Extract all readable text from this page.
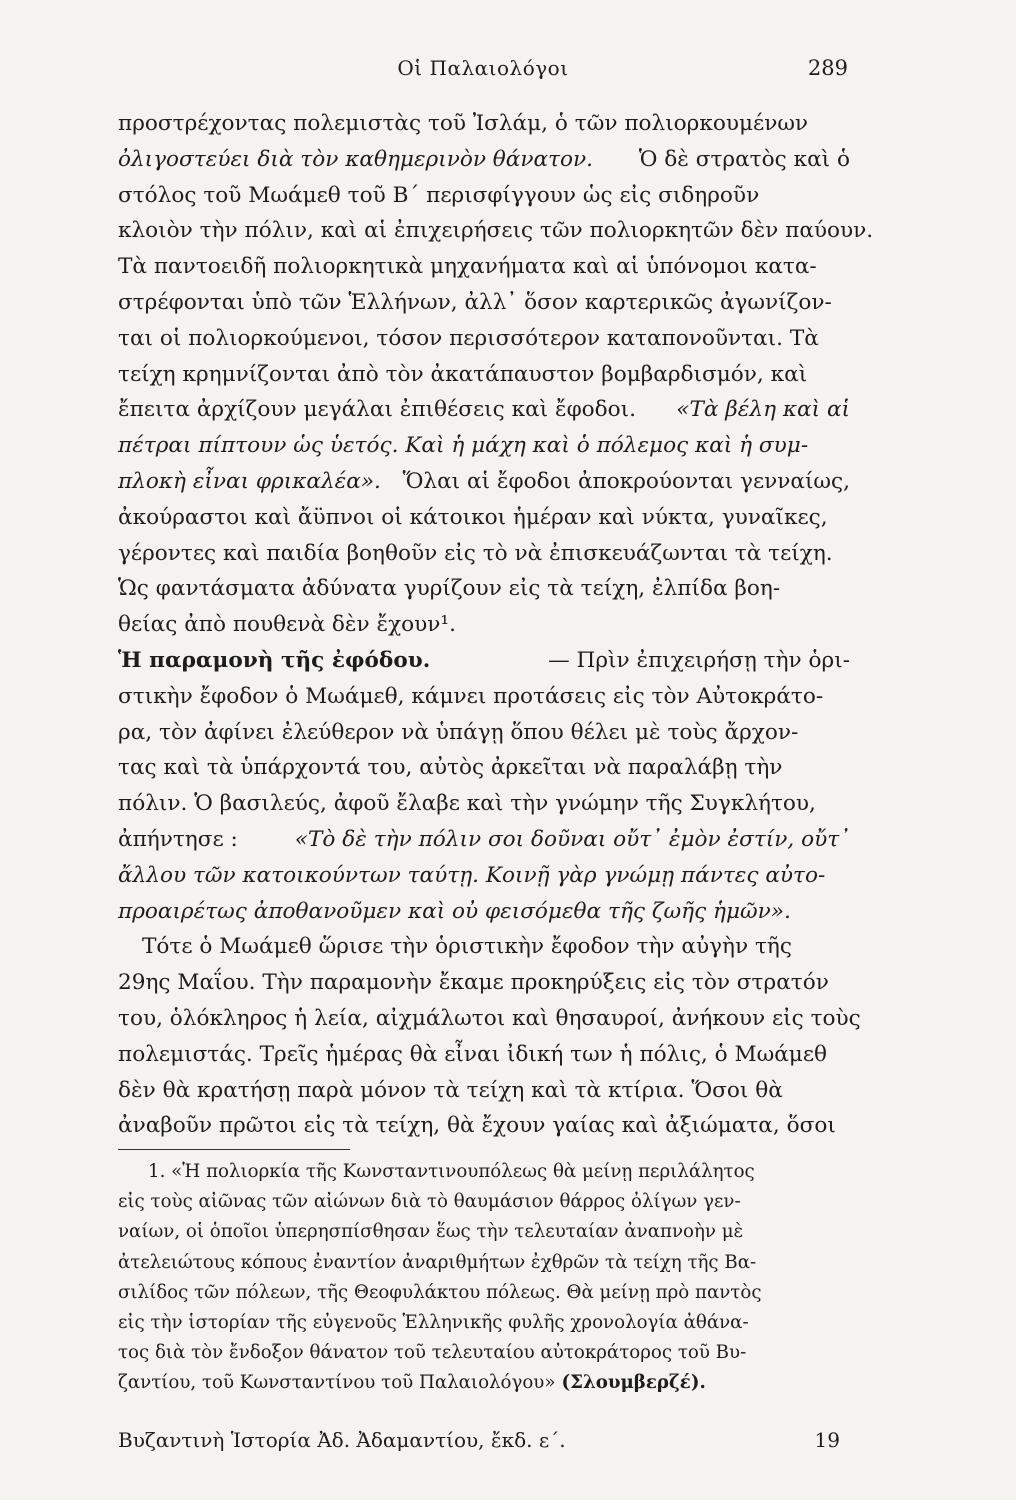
Οἱ Παλαιολόγοι	289
προστρέχοντας πολεμιστὰς τοῦ Ἰσλάμ, ὁ τῶν πολιορκουμένων
ὀλιγοστεύει διὰ τὸν καθημερινὸν θάνατον. Ὁ δὲ στρατὸς καὶ ὁ
στόλος τοῦ Μωάμεθ τοῦ Β΄ περισφίγγουν ὡς εἰς σιδηροῦν
κλοιὸν τὴν πόλιν, καὶ αἱ ἐπιχειρήσεις τῶν πολιορκητῶν δὲν παύουν.
Τὰ παντοειδῆ πολιορκητικὰ μηχανήματα καὶ αἱ ὑπόνομοι κατα-
στρέφονται ὑπὸ τῶν Ἑλλήνων, ἀλλ᾽ ὅσον καρτερικῶς ἀγωνίζον-
ται οἱ πολιορκούμενοι, τόσον περισσότερον καταπονοῦνται. Τὰ
τείχη κρημνίζονται ἀπὸ τὸν ἀκατάπαυστον βομβαρδισμόν, καὶ
ἔπειτα ἀρχίζουν μεγάλαι ἐπιθέσεις καὶ ἔφοδοι. «Τὰ βέλη καὶ αἱ
πέτραι πίπτουν ὡς ὑετός. Καὶ ἡ μάχη καὶ ὁ πόλεμος καὶ ἡ συμ-
πλοκὴ εἶναι φρικαλέα». Ὅλαι αἱ ἔφοδοι ἀποκρούονται γενναίως,
ἀκούραστοι καὶ ἄϋπνοι οἱ κάτοικοι ἡμέραν καὶ νύκτα, γυναῖκες,
γέροντες καὶ παιδία βοηθοῦν εἰς τὸ νὰ ἐπισκευάζωνται τὰ τείχη.
Ὡς φαντάσματα ἀδύνατα γυρίζουν εἰς τὰ τείχη, ἐλπίδα βοη-
θείας ἀπὸ πουθενὰ δὲν ἔχουν¹.
Ἡ παραμονὴ τῆς ἐφόδου.	— Πρὶν ἐπιχειρήσῃ τὴν ὁρι-
στικὴν ἔφοδον ὁ Μωάμεθ, κάμνει προτάσεις εἰς τὸν Αὐτοκράτο-
ρα, τὸν ἀφίνει ἐλεύθερον νὰ ὑπάγῃ ὅπου θέλει μὲ τοὺς ἄρχον-
τας καὶ τὰ ὑπάρχοντά του, αὐτὸς ἀρκεῖται νὰ παραλάβῃ τὴν
πόλιν. Ὁ βασιλεύς, ἀφοῦ ἔλαβε καὶ τὴν γνώμην τῆς Συγκλήτου,
ἀπήντησε :	«Τὸ δὲ τὴν πόλιν σοι δοῦναι οὔτ᾽ ἐμὸν ἐστίν, οὔτ᾽
ἄλλου τῶν κατοικούντων ταύτῃ. Κοινῇ γὰρ γνώμῃ πάντες αὐτο-
προαιρέτως ἀποθανοῦμεν καὶ οὐ φεισόμεθα τῆς ζωῆς ἡμῶν».
Τότε ὁ Μωάμεθ ὥρισε τὴν ὁριστικὴν ἔφοδον τὴν αὐγὴν τῆς
29ης Μαΐου. Τὴν παραμονὴν ἔκαμε προκηρύξεις εἰς τὸν στρατόν
του, ὁλόκληρος ἡ λεία, αἰχμάλωτοι καὶ θησαυροί, ἀνήκουν εἰς τοὺς
πολεμιστάς. Τρεῖς ἡμέρας θὰ εἶναι ἰδική των ἡ πόλις, ὁ Μωάμεθ
δὲν θὰ κρατήσῃ παρὰ μόνον τὰ τείχη καὶ τὰ κτίρια. Ὅσοι θὰ
ἀναβοῦν πρῶτοι εἰς τὰ τείχη, θὰ ἔχουν γαίας καὶ ἀξιώματα, ὅσοι
1. «Ἡ πολιορκία τῆς Κωνσταντινουπόλεως θὰ μείνῃ περιλάλητος
εἰς τοὺς αἰῶνας τῶν αἰώνων διὰ τὸ θαυμάσιον θάρρος ὀλίγων γεν-
ναίων, οἱ ὁποῖοι ὑπερησπίσθησαν ἕως τὴν τελευταίαν ἀναπνοὴν μὲ
ἀτελειώτους κόπους ἐναντίον ἀναριθμήτων ἐχθρῶν τὰ τείχη τῆς Βα-
σιλίδος τῶν πόλεων, τῆς Θεοφυλάκτου πόλεως. Θὰ μείνῃ πρὸ παντὸς
εἰς τὴν ἱστορίαν τῆς εὐγενοῦς Ἑλληνικῆς φυλῆς χρονολογία ἀθάνα-
τος διὰ τὸν ἔνδοξον θάνατον τοῦ τελευταίου αὐτοκράτορος τοῦ Βυ-
ζαντίου, τοῦ Κωνσταντίνου τοῦ Παλαιολόγου» (Σλουμβερζέ).
Βυζαντινὴ Ἱστορία Ἀδ. Ἀδαμαντίου, ἔκδ. ε΄.	19
